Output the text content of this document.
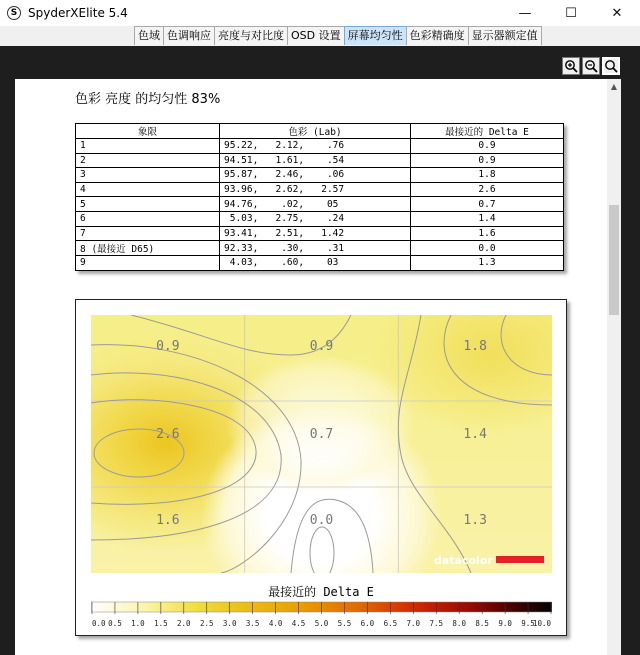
S SpyderXElite 5.4	—	☐	✕
色域 色调响应 亮度与对比度 OSD 设置 屏幕均匀性 色彩精确度 显示器额定值
色彩 亮度 的均匀性 83%
象限	色彩 (Lab)	最接近的 Delta E
1	95.22,   2.12,    .76	0.9
2	94.51,   1.61,    .54	0.9
3	95.87,   2.46,    .06	1.8
4	93.96,   2.62,   2.57	2.6
5	94.76,    .02,    05	0.7
6	5.03,   2.75,    .24	1.4
7	93.41,   2.51,   1.42	1.6
8 (最接近 D65)	92.33,    .30,    .31	0.0
9	4.03,    .60,    03	1.3
0.9	0.9	1.8
2.6	0.7	1.4
1.6	0.0	1.3
datacolor
最接近的 Delta E
0.0 0.5 1.0 1.5 2.0 2.5 3.0 3.5 4.0 4.5 5.0 5.5 6.0 6.5 7.0 7.5 8.0 8.5 9.0 9.5
10.0
▲
